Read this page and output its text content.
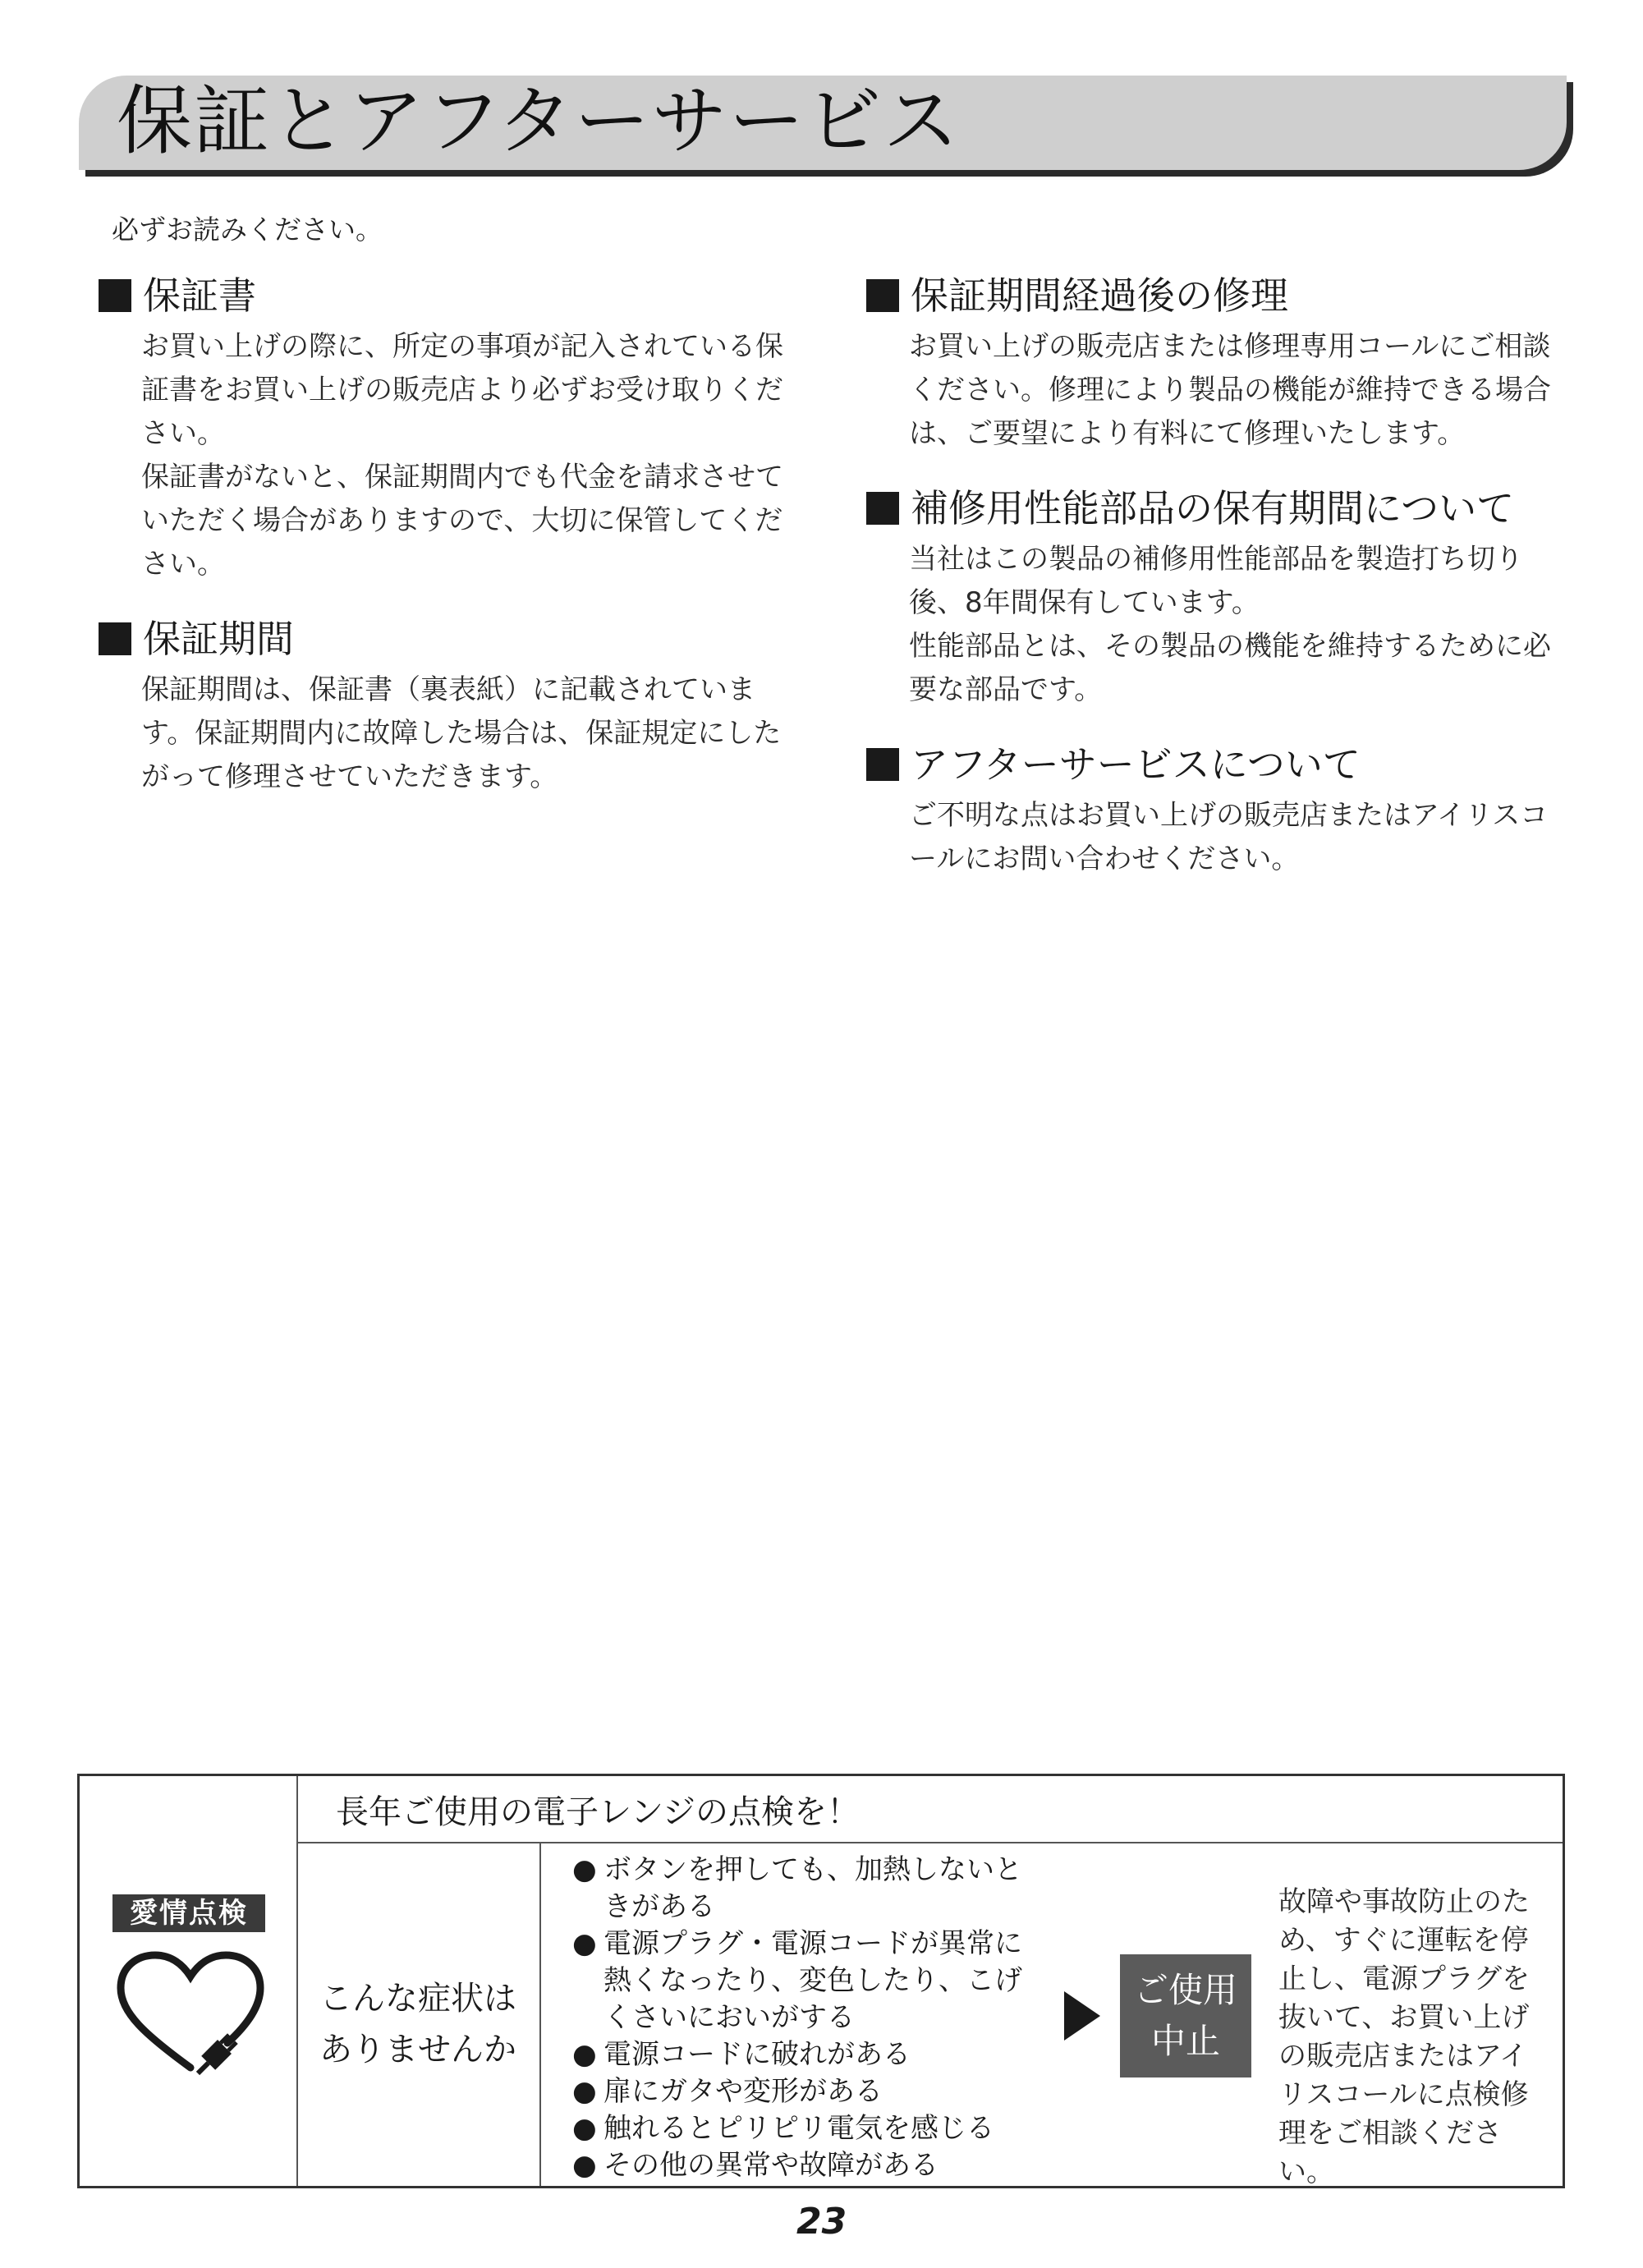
保証とアフターサービス
必ずお読みください。
保証書

お買い上げの際に、所定の事項が記入されている保証書をお買い上げの販売店より必ずお受け取りください。

保証書がないと、保証期間内でも代金を請求させていただく場合がありますので、大切に保管してください。

保証期間

保証期間は、保証書（裏表紙）に記載されています。保証期間内に故障した場合は、保証規定にしたがって修理させていただきます。

保証期間経過後の修理

お買い上げの販売店または修理専用コールにご相談ください。修理により製品の機能が維持できる場合は、ご要望により有料にて修理いたします。

補修用性能部品の保有期間について

当社はこの製品の補修用性能部品を製造打ち切り後、8年間保有しています。

性能部品とは、その製品の機能を維持するために必要な部品です。

アフターサービスについて

ご不明な点はお買い上げの販売店またはアイリスコールにお問い合わせください。

愛情点検
長年ご使用の電子レンジの点検を！
こんな症状は
ありませんか
● ボタンを押しても、加熱しないときがある
● 電源プラグ・電源コードが異常に熱くなったり、変色したり、こげくさいにおいがする
● 電源コードに破れがある
● 扉にガタや変形がある
● 触れるとピリピリ電気を感じる
● その他の異常や故障がある
ご使用
中止
故障や事故防止のた
め、すぐに運転を停
止し、電源プラグを
抜いて、お買い上げ
の販売店またはアイ
リスコールに点検修
理をご相談ください。
23
